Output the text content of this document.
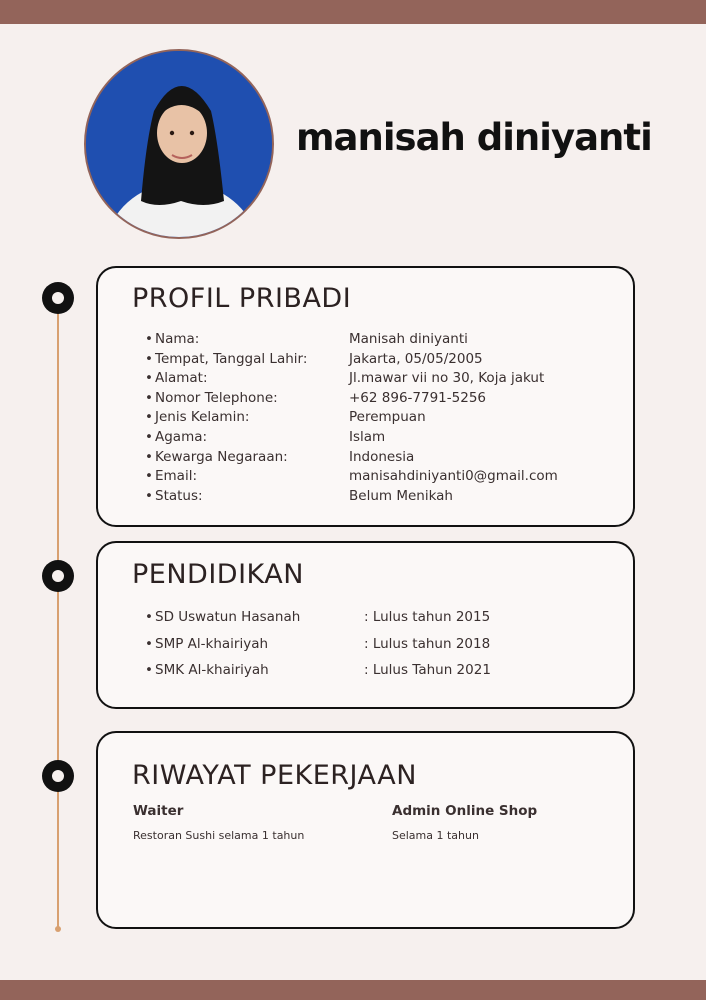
manisah diniyanti
PROFIL PRIBADI
• Nama:	Manisah diniyanti
• Tempat, Tanggal Lahir:	Jakarta, 05/05/2005
• Alamat:	Jl.mawar vii no 30, Koja jakut
• Nomor Telephone:	+62 896-7791-5256
• Jenis Kelamin:	Perempuan
• Agama:	Islam
• Kewarga Negaraan:	Indonesia
• Email:	manisahdiniyanti0@gmail.com
• Status:	Belum Menikah
PENDIDIKAN
• SD Uswatun Hasanah	: Lulus tahun 2015
• SMP Al-khairiyah	: Lulus tahun 2018
• SMK Al-khairiyah	: Lulus Tahun 2021
RIWAYAT PEKERJAAN
Waiter
Restoran Sushi selama 1 tahun
Admin Online Shop
Selama 1 tahun
